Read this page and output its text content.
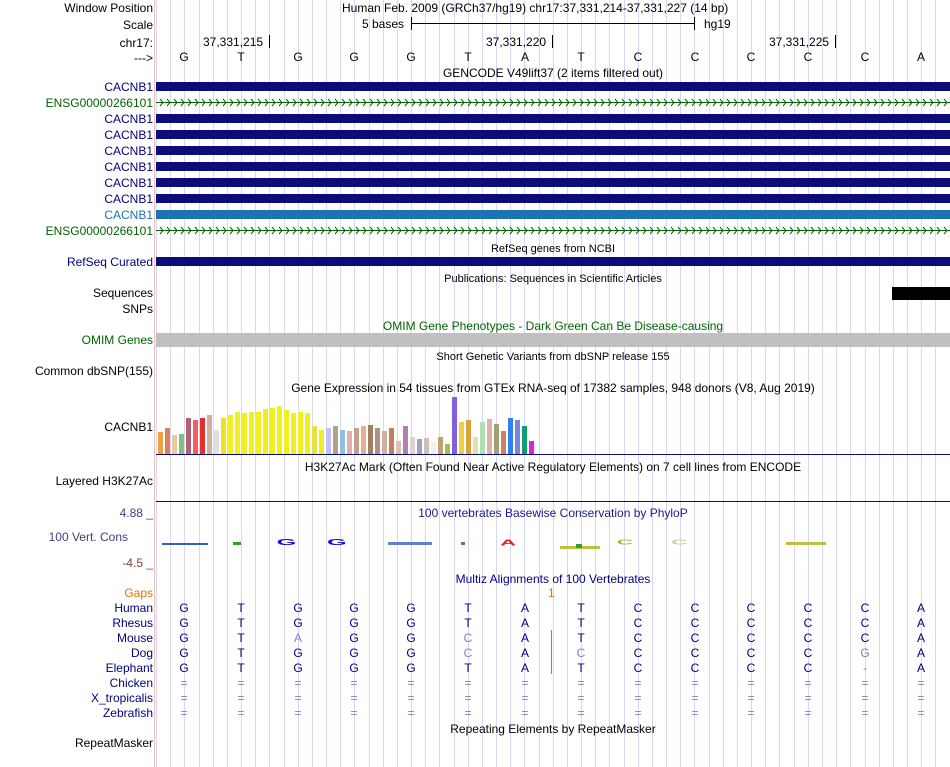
Window Position
Scale
chr17:
--->
Human Feb. 2009 (GRCh37/hg19) chr17:37,331,214-37,331,227 (14 bp)
5 bases	hg19
37,331,215	37,331,220	37,331,225
GENCODE V49lift37 (2 items filtered out)
RefSeq genes from NCBI
RefSeq Curated
Publications: Sequences in Scientific Articles
Sequences
SNPs
OMIM Gene Phenotypes - Dark Green Can Be Disease-causing
OMIM Genes
Short Genetic Variants from dbSNP release 155
Common dbSNP(155)
Gene Expression in 54 tissues from GTEx RNA-seq of 17382 samples, 948 donors (V8, Aug 2019)
CACNB1
H3K27Ac Mark (Often Found Near Active Regulatory Elements) on 7 cell lines from ENCODE
Layered H3K27Ac
100 vertebrates Basewise Conservation by PhyloP
4.88 _
100 Vert. Cons
-4.5 _
G G	A	C	C
Multiz Alignments of 100 Vertebrates
Gaps	1
Repeating Elements by RepeatMasker
RepeatMasker
G	T	G	G	G	T	A	T	C	C	C	C	C	A
CACNB1
ENSG00000266101
CACNB1
CACNB1
CACNB1
CACNB1
CACNB1
CACNB1
CACNB1
ENSG00000266101
Human	G	T	G	G	G	T	A	T	C	C	C	C	C	A
Rhesus	G	T	G	G	G	T	A	T	C	C	C	C	C	A
Mouse	G	T	A	G	G	C	A	T	C	C	C	C	C	A
Dog	G	T	G	G	G	C	A	C	C	C	C	C	G	A
Elephant	G	T	G	G	G	T	A	T	C	C	C	C	-	A
Chicken	=	=	=	=	=	=	=	=	=	=	=	=	=	=
X_tropicalis	=	=	=	=	=	=	=	=	=	=	=	=	=	=
Zebrafish	=	=	=	=	=	=	=	=	=	=	=	=	=	=
